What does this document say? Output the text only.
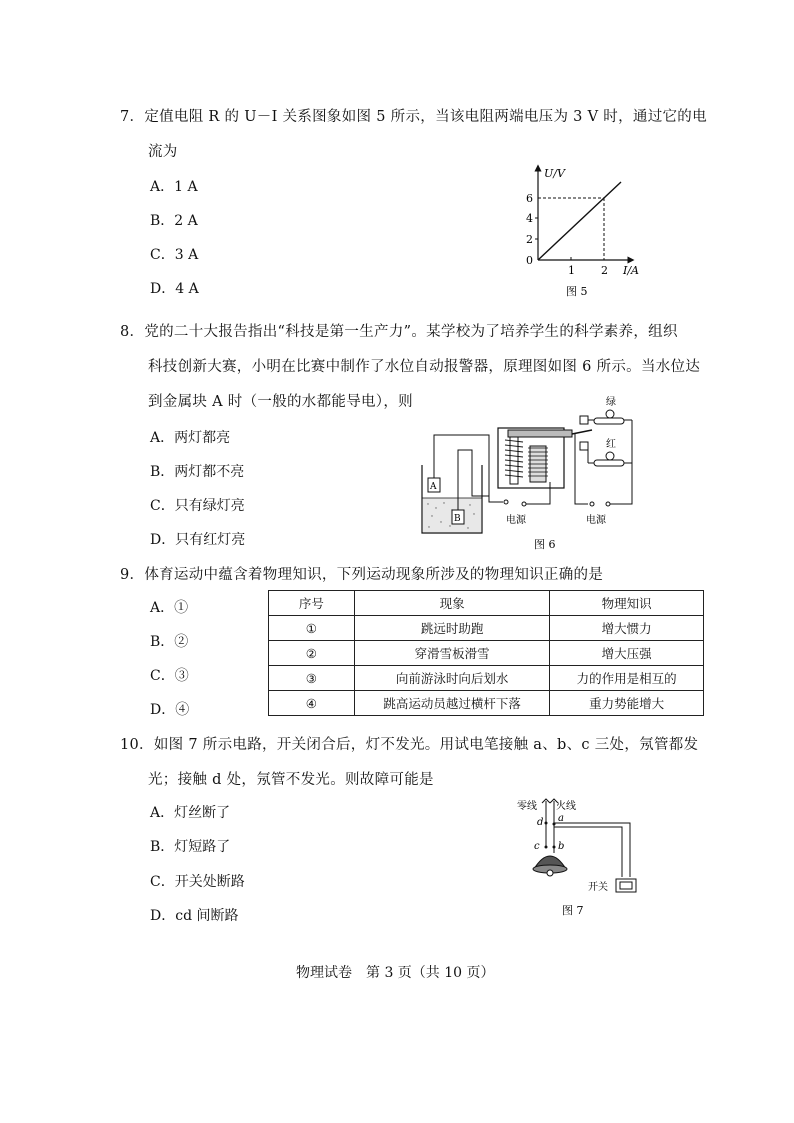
7．定值电阻 R 的 U－I 关系图象如图 5 所示，当该电阻两端电压为 3 V 时，通过它的电
流为
A．1 A
B．2 A
C．3 A
D．4 A
U/V
6
4
2
0
1 2 I/A
图 5
8．党的二十大报告指出“科技是第一生产力”。某学校为了培养学生的科学素养，组织
科技创新大赛，小明在比赛中制作了水位自动报警器，原理图如图 6 所示。当水位达
到金属块 A 时（一般的水都能导电），则
A．两灯都亮
B．两灯都不亮
C．只有绿灯亮
D．只有红灯亮
A
B
绿
红
电源
电源
图 6
9．体育运动中蕴含着物理知识，下列运动现象所涉及的物理知识正确的是
A．①
B．②
C．③
D．④
序号	现象	物理知识
①	跳远时助跑	增大惯力
②	穿滑雪板滑雪	增大压强
③	向前游泳时向后划水	力的作用是相互的
④	跳高运动员越过横杆下落	重力势能增大
10．如图 7 所示电路，开关闭合后，灯不发光。用试电笔接触 a、b、c 三处，氖管都发
光；接触 d 处，氖管不发光。则故障可能是
A．灯丝断了
B．灯短路了
C．开关处断路
D．cd 间断路
零线 火线
a
d
c b
开关
图 7
物理试卷　第 3 页（共 10 页）
